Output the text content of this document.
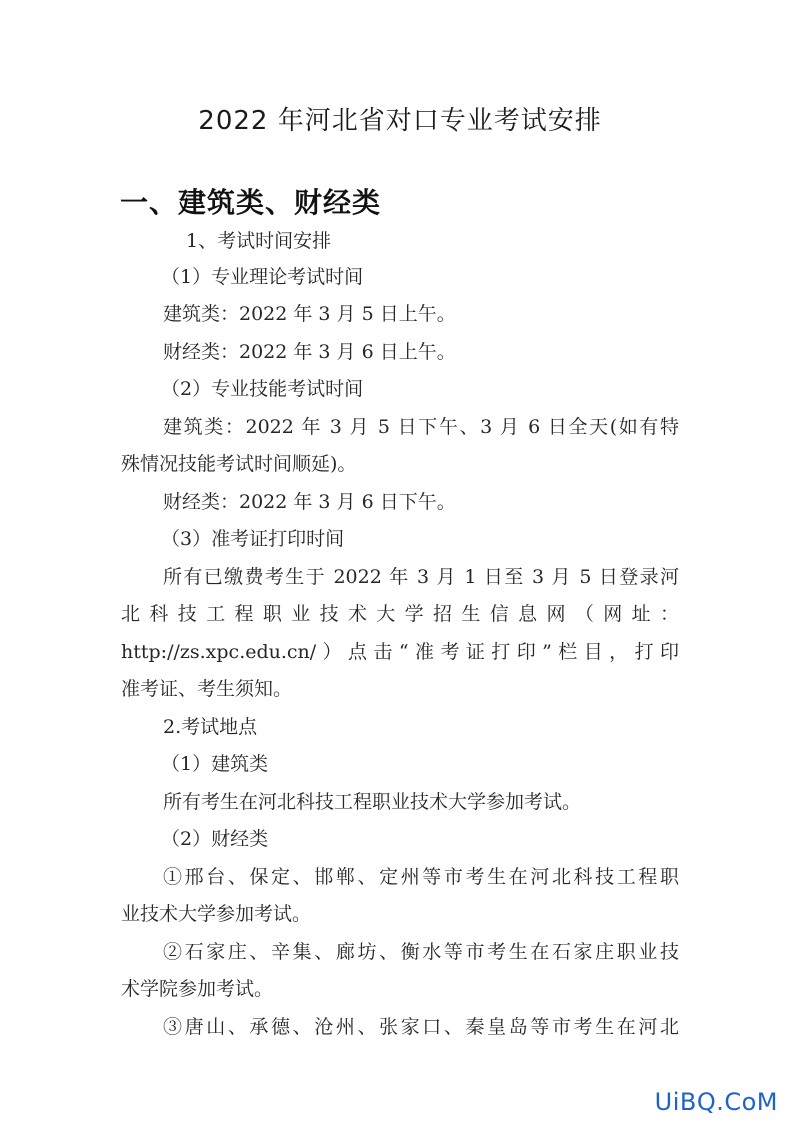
2022 年河北省对口专业考试安排
一、建筑类、财经类
1、考试时间安排
（1）专业理论考试时间
建筑类：2022 年 3 月 5 日上午。
财经类：2022 年 3 月 6 日上午。
（2）专业技能考试时间
建筑类：2022 年 3 月 5 日下午、3 月 6 日全天(如有特
殊情况技能考试时间顺延)。
财经类：2022 年 3 月 6 日下午。
（3）准考证打印时间
所有已缴费考生于 2022 年 3 月 1 日至 3 月 5 日登录河
北科技工程职业技术大学招生信息网（网址：
http://zs.xpc.edu.cn/）点击“准考证打印”栏目，打印
准考证、考生须知。
2.考试地点
（1）建筑类
所有考生在河北科技工程职业技术大学参加考试。
（2）财经类
①邢台、保定、邯郸、定州等市考生在河北科技工程职
业技术大学参加考试。
②石家庄、辛集、廊坊、衡水等市考生在石家庄职业技
术学院参加考试。
③唐山、承德、沧州、张家口、秦皇岛等市考生在河北
UiBQ.CoM
